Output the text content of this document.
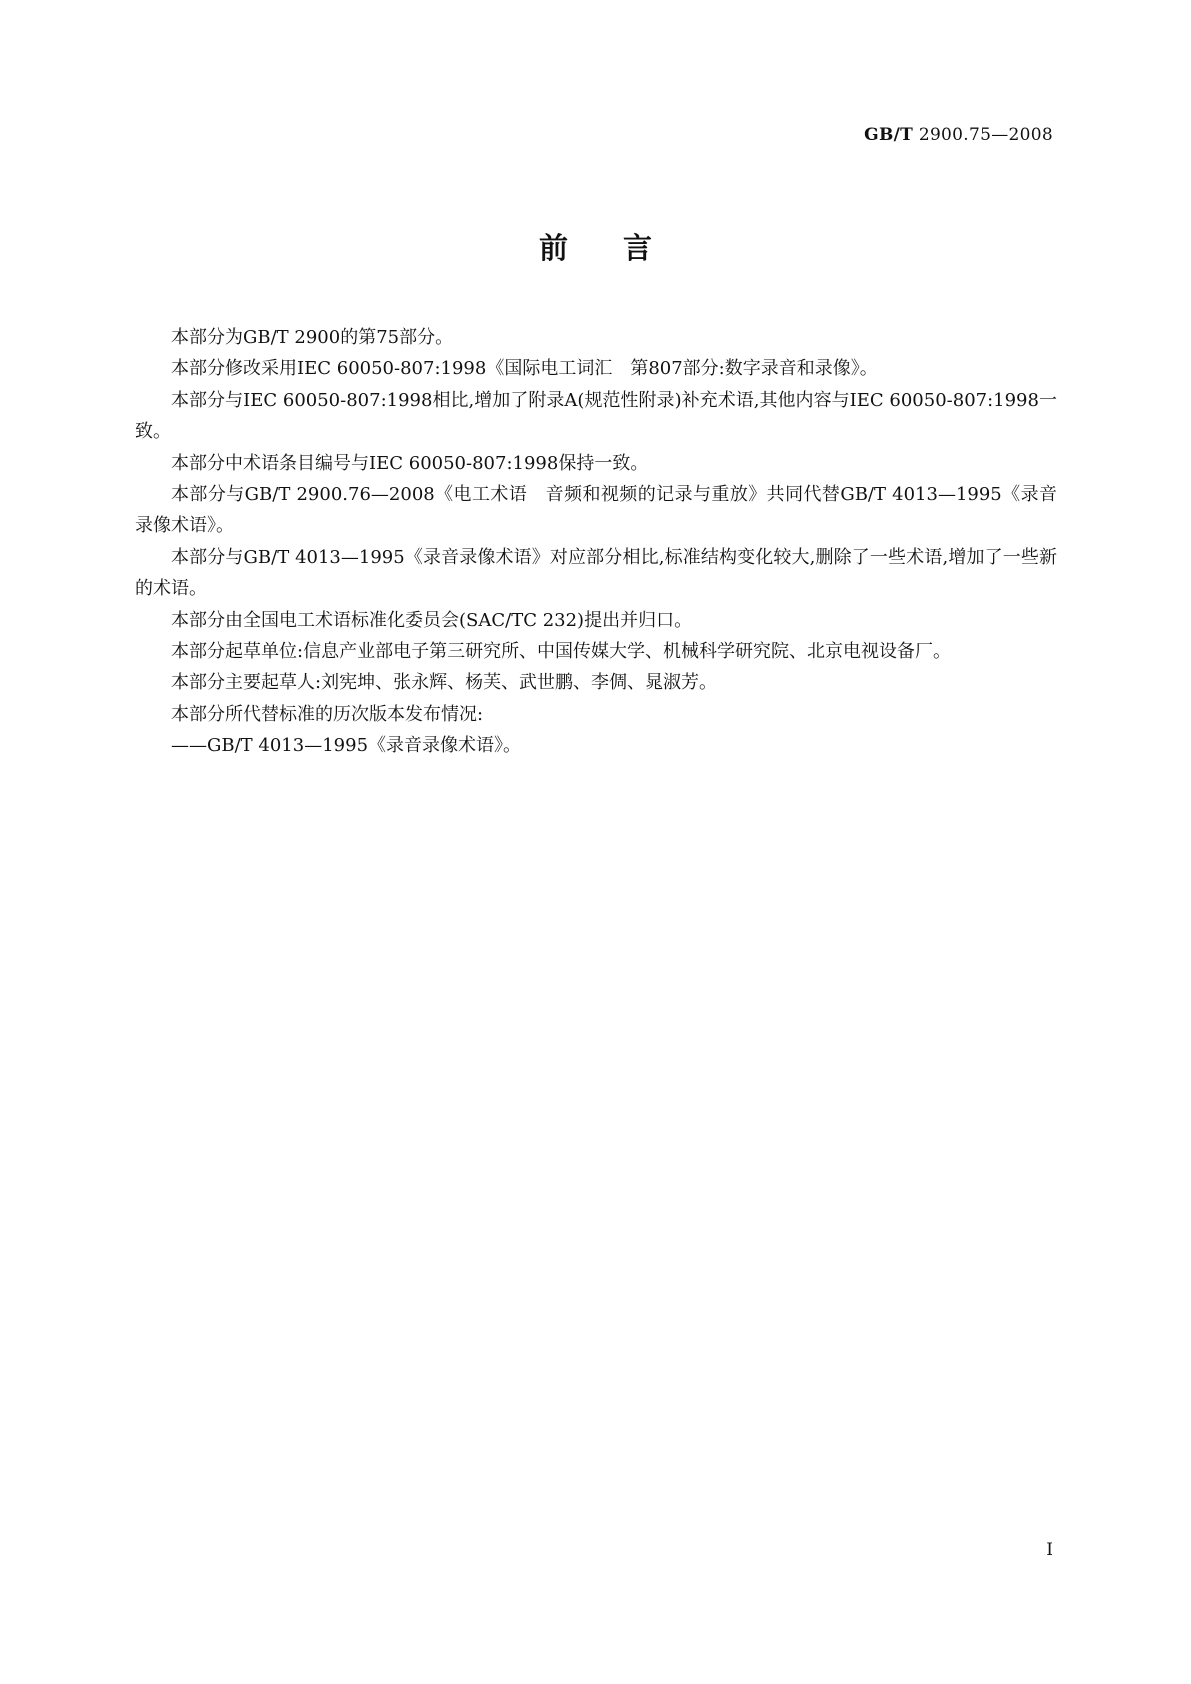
GB/T 2900.75—2008
前言

本部分为GB/T 2900的第75部分。

本部分修改采用IEC 60050-807:1998《国际电工词汇　第807部分:数字录音和录像》。

本部分与IEC 60050-807:1998相比,增加了附录A(规范性附录)补充术语,其他内容与IEC 60050-807:1998一致。

本部分中术语条目编号与IEC 60050-807:1998保持一致。

本部分与GB/T 2900.76—2008《电工术语　音频和视频的记录与重放》共同代替GB/T 4013—1995《录音录像术语》。

本部分与GB/T 4013—1995《录音录像术语》对应部分相比,标准结构变化较大,删除了一些术语,增加了一些新的术语。

本部分由全国电工术语标准化委员会(SAC/TC 232)提出并归口。

本部分起草单位:信息产业部电子第三研究所、中国传媒大学、机械科学研究院、北京电视设备厂。

本部分主要起草人:刘宪坤、张永辉、杨芙、武世鹏、李倜、晁淑芳。

本部分所代替标准的历次版本发布情况:

——GB/T 4013—1995《录音录像术语》。

I
